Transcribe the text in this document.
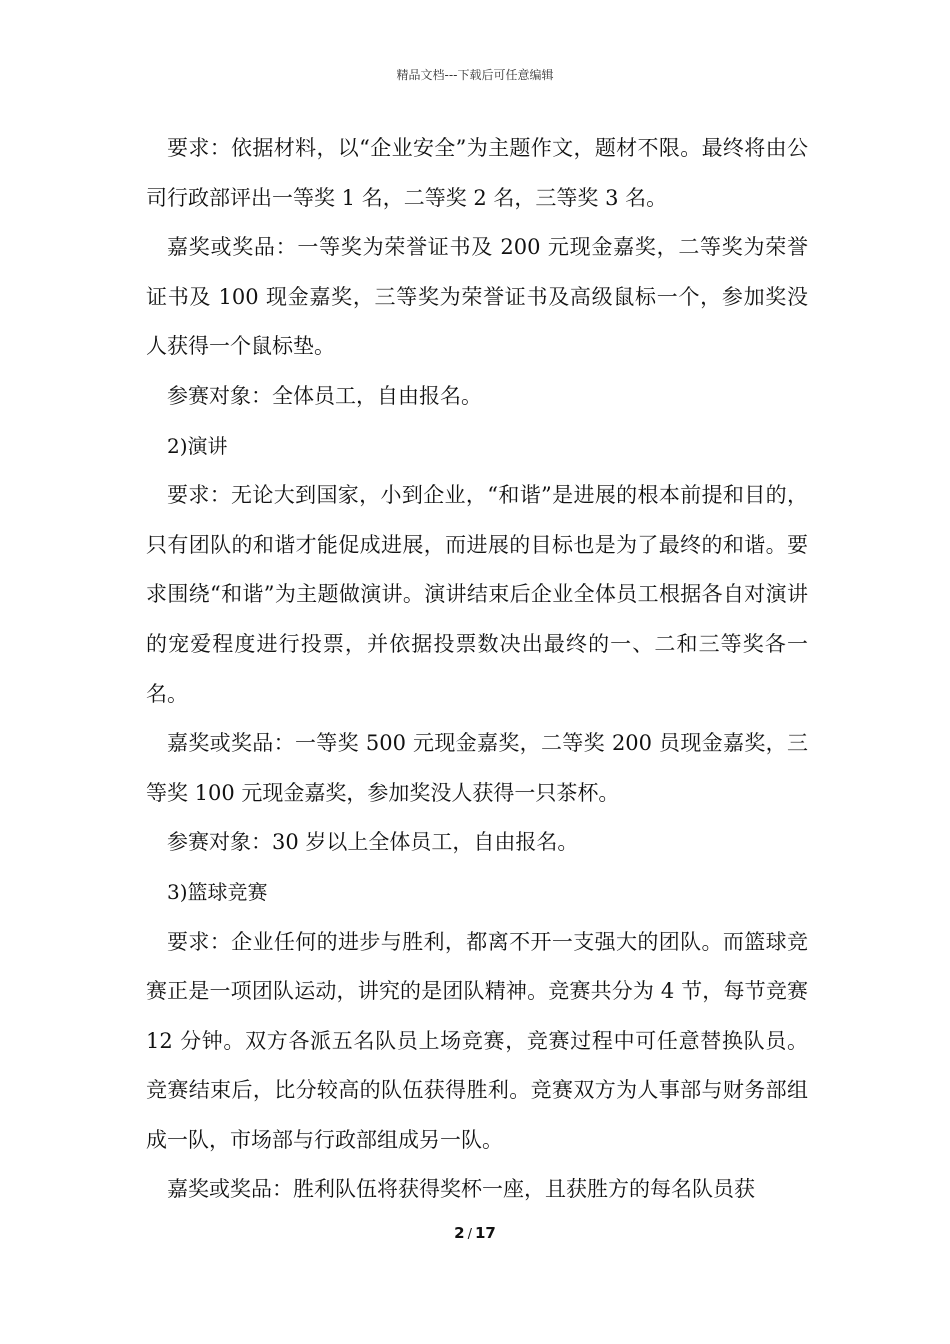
精品文档---下载后可任意编辑

要求：依据材料，以“企业安全”为主题作文，题材不限。最终将由公司行政部评出一等奖 1 名，二等奖 2 名，三等奖 3 名。

嘉奖或奖品：一等奖为荣誉证书及 200 元现金嘉奖，二等奖为荣誉证书及 100 现金嘉奖，三等奖为荣誉证书及高级鼠标一个，参加奖没人获得一个鼠标垫。

参赛对象：全体员工，自由报名。

2)演讲

要求：无论大到国家，小到企业，“和谐”是进展的根本前提和目的，只有团队的和谐才能促成进展，而进展的目标也是为了最终的和谐。要求围绕“和谐”为主题做演讲。演讲结束后企业全体员工根据各自对演讲的宠爱程度进行投票，并依据投票数决出最终的一、二和三等奖各一名。

嘉奖或奖品：一等奖 500 元现金嘉奖，二等奖 200 员现金嘉奖，三等奖 100 元现金嘉奖，参加奖没人获得一只茶杯。

参赛对象：30 岁以上全体员工，自由报名。

3)篮球竞赛

要求：企业任何的进步与胜利，都离不开一支强大的团队。而篮球竞赛正是一项团队运动，讲究的是团队精神。竞赛共分为 4 节，每节竞赛 12 分钟。双方各派五名队员上场竞赛，竞赛过程中可任意替换队员。竞赛结束后，比分较高的队伍获得胜利。竞赛双方为人事部与财务部组成一队，市场部与行政部组成另一队。

嘉奖或奖品：胜利队伍将获得奖杯一座，且获胜方的每名队员获

2 / 17
